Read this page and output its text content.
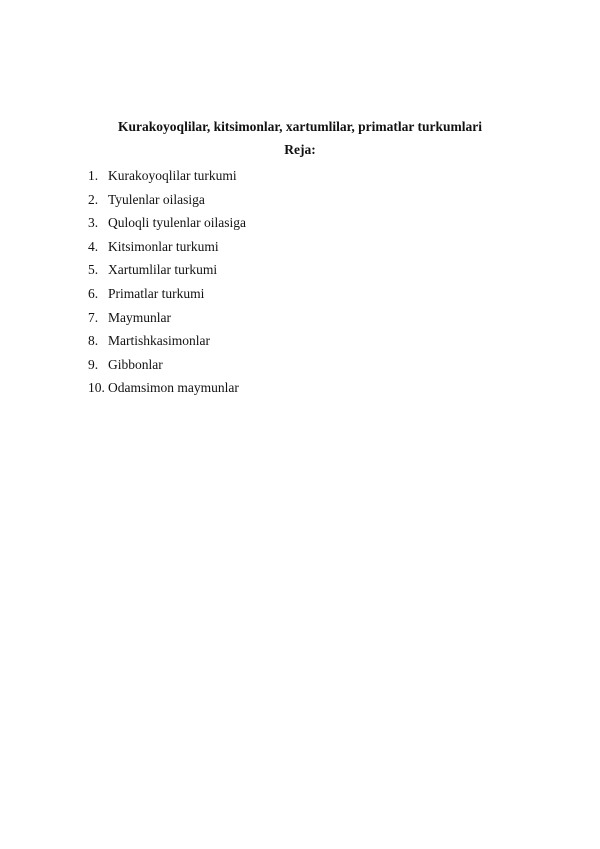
Kurakoyoqlilar, kitsimonlar, xartumlilar, primatlar turkumlari
Reja:
1. Kurakoyoqlilar turkumi
2. Tyulenlar oilasiga
3. Quloqli tyulenlar oilasiga
4. Kitsimonlar turkumi
5. Xartumlilar turkumi
6. Primatlar turkumi
7. Maymunlar
8. Martishkasimonlar
9. Gibbonlar
10. Odamsimon maymunlar
